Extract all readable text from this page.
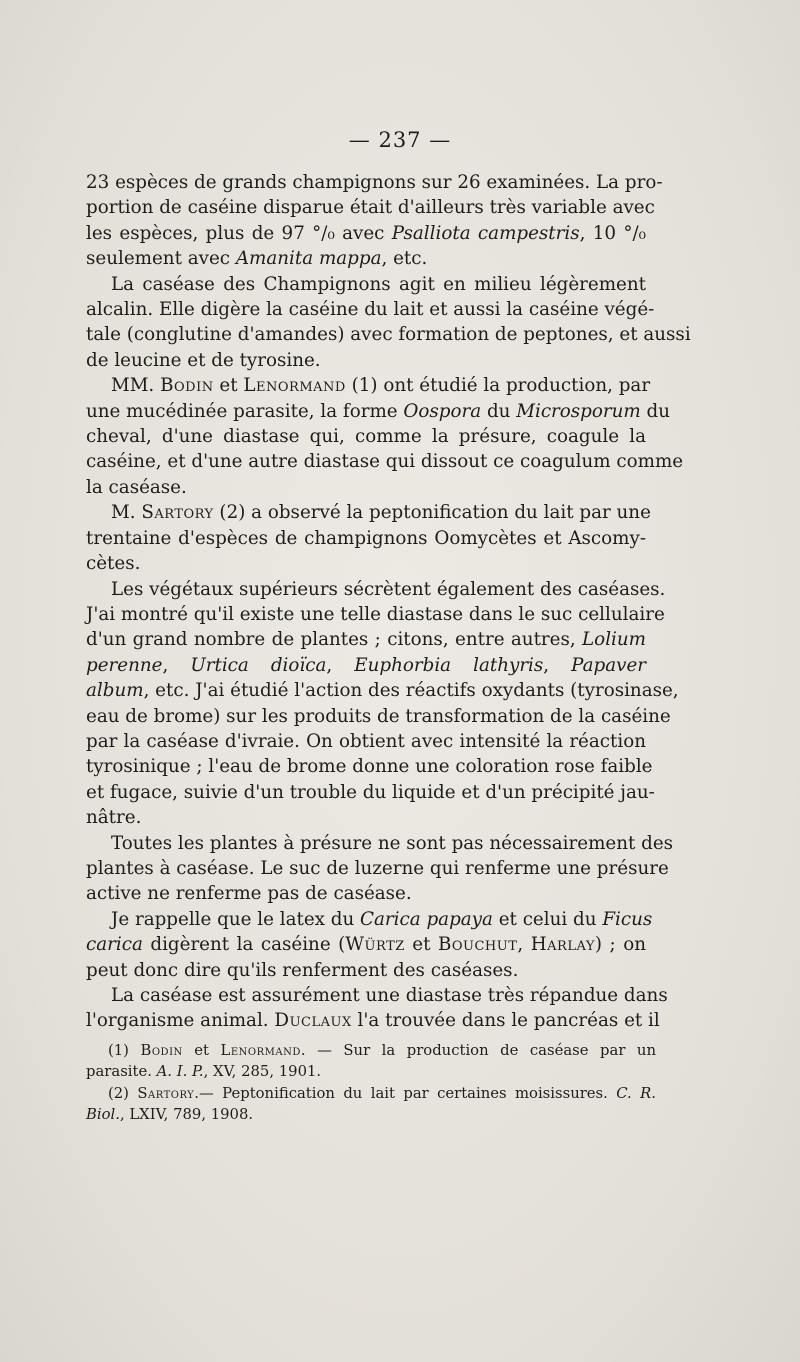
— 237 —
23 espèces de grands champignons sur 26 examinées. La pro-
portion de caséine disparue était d'ailleurs très variable avec
les espèces, plus de 97 °/₀ avec Psalliota campestris, 10 °/₀
seulement avec Amanita mappa, etc.
La caséase des Champignons agit en milieu légèrement
alcalin. Elle digère la caséine du lait et aussi la caséine végé-
tale (conglutine d'amandes) avec formation de peptones, et aussi
de leucine et de tyrosine.
MM. Bodin et Lenormand (1) ont étudié la production, par
une mucédinée parasite, la forme Oospora du Microsporum du
cheval, d'une diastase qui, comme la présure, coagule la
caséine, et d'une autre diastase qui dissout ce coagulum comme
la caséase.
M. Sartory (2) a observé la peptonification du lait par une
trentaine d'espèces de champignons Oomycètes et Ascomy-
cètes.
Les végétaux supérieurs sécrètent également des caséases.
J'ai montré qu'il existe une telle diastase dans le suc cellulaire
d'un grand nombre de plantes ; citons, entre autres, Lolium
perenne, Urtica dioïca, Euphorbia lathyris, Papaver
album, etc. J'ai étudié l'action des réactifs oxydants (tyrosinase,
eau de brome) sur les produits de transformation de la caséine
par la caséase d'ivraie. On obtient avec intensité la réaction
tyrosinique ; l'eau de brome donne une coloration rose faible
et fugace, suivie d'un trouble du liquide et d'un précipité jau-
nâtre.
Toutes les plantes à présure ne sont pas nécessairement des
plantes à caséase. Le suc de luzerne qui renferme une présure
active ne renferme pas de caséase.
Je rappelle que le latex du Carica papaya et celui du Ficus
carica digèrent la caséine (Würtz et Bouchut, Harlay) ; on
peut donc dire qu'ils renferment des caséases.
La caséase est assurément une diastase très répandue dans
l'organisme animal. Duclaux l'a trouvée dans le pancréas et il
(1) Bodin et Lenormand. — Sur la production de caséase par un
parasite. A. I. P., XV, 285, 1901.
(2) Sartory.— Peptonification du lait par certaines moisissures. C. R.
Biol., LXIV, 789, 1908.
